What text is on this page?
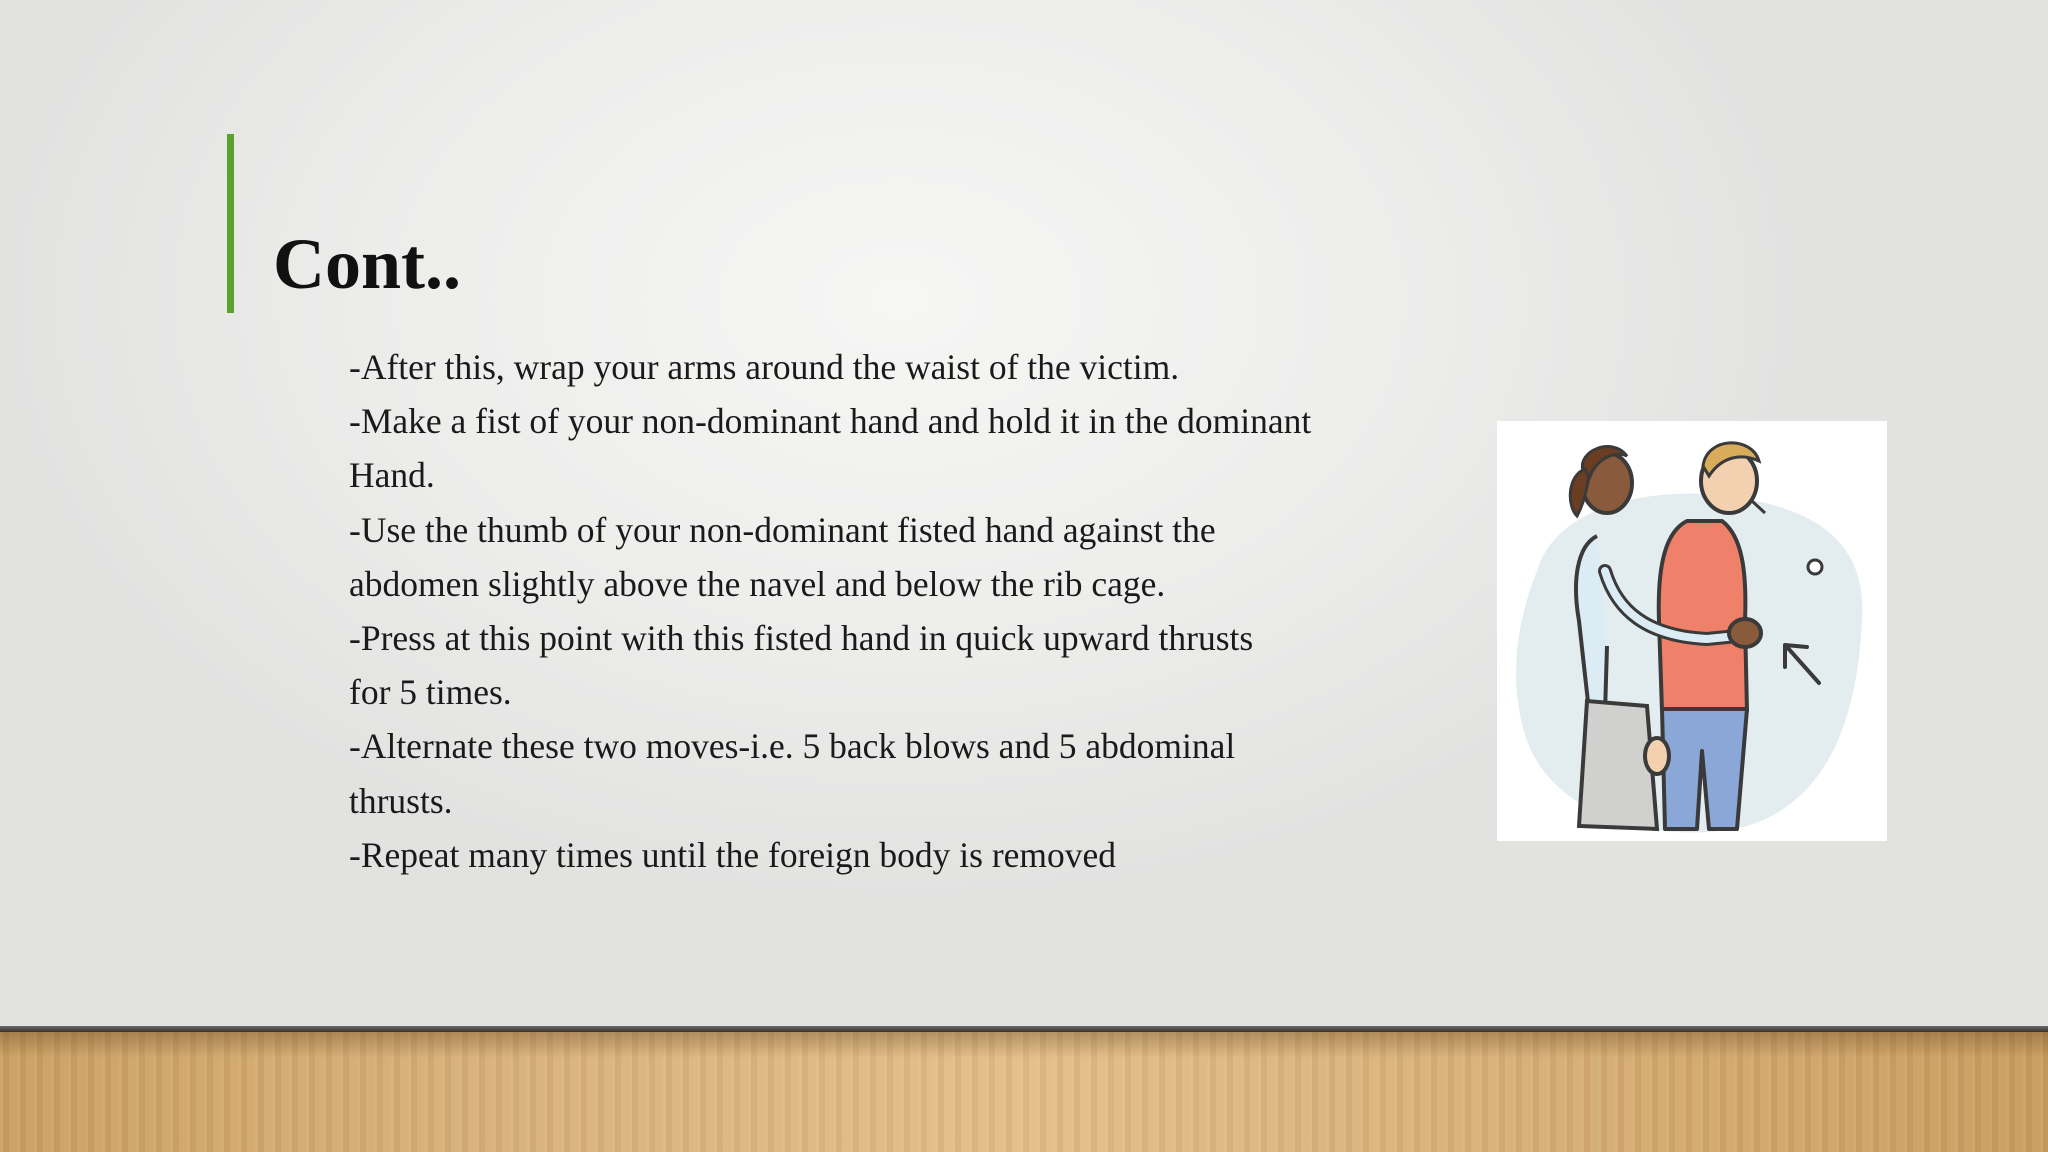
Cont..
-After this, wrap your arms around the waist of the victim.
-Make a fist of your non-dominant hand and hold it in the dominant
Hand.
-Use the thumb of your non-dominant fisted hand against the
abdomen slightly above the navel and below the rib cage.
-Press at this point with this fisted hand in quick upward thrusts
for 5 times.
-Alternate these two moves-i.e. 5 back blows and 5 abdominal
thrusts.
-Repeat many times until the foreign body is removed
